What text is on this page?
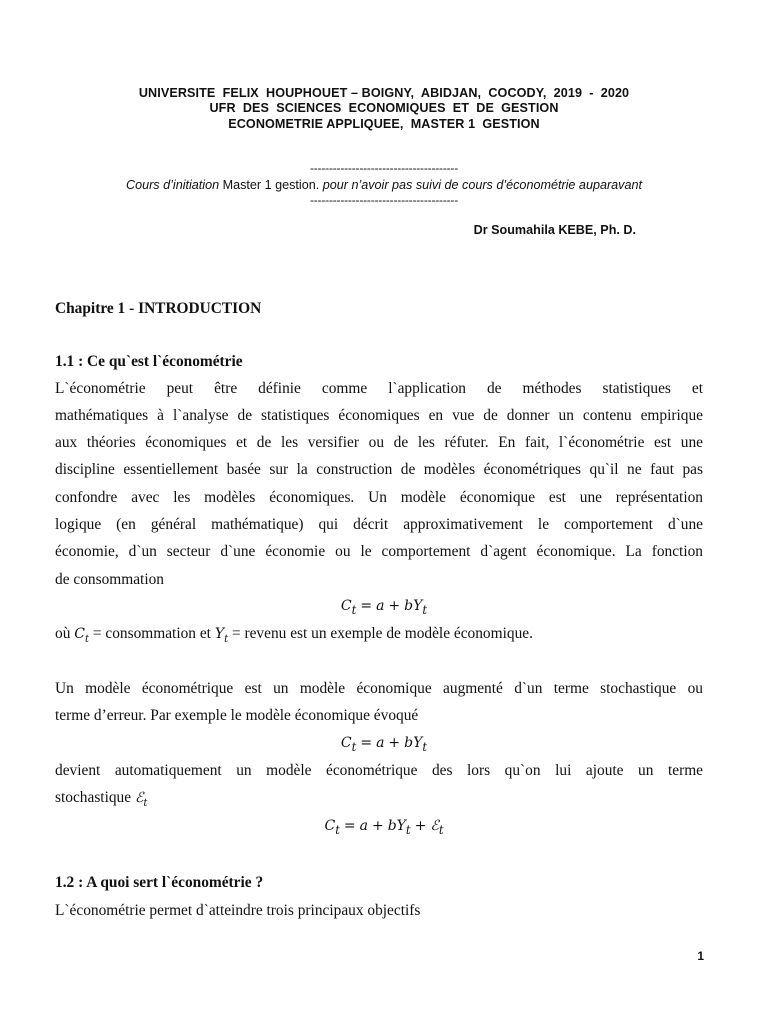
UNIVERSITE  FELIX  HOUPHOUET – BOIGNY,  ABIDJAN,  COCODY,  2019  -  2020
UFR  DES  SCIENCES  ECONOMIQUES  ET  DE  GESTION
ECONOMETRIE APPLIQUEE,  MASTER 1  GESTION
---------------------------------------
Cours d’initiation Master 1 gestion. pour n’avoir pas suivi de cours d’économétrie auparavant
---------------------------------------
Dr Soumahila KEBE, Ph. D.
Chapitre 1 - INTRODUCTION
1.1 : Ce qu`est l`économétrie
L`économétrie peut être définie comme l`application de méthodes statistiques et
mathématiques à l`analyse de statistiques économiques en vue de donner un contenu empirique
aux théories économiques et de les versifier ou de les réfuter. En fait, l`économétrie est une
discipline essentiellement basée sur la construction de modèles économétriques qu`il ne faut pas
confondre avec les modèles économiques. Un modèle économique est une représentation
logique (en général mathématique) qui décrit approximativement le comportement d`une
économie, d`un secteur d`une économie ou le comportement d`agent économique. La fonction
de consommation
$C_t = a + bY_t$
où $C_t$ = consommation et $Y_t$ = revenu est un exemple de modèle économique.
Un modèle économétrique est un modèle économique augmenté d`un terme stochastique ou
terme d’erreur. Par exemple le modèle économique évoqué
$C_t = a + bY_t$
devient automatiquement un modèle économétrique des lors qu`on lui ajoute un terme
stochastique ℰ$_t$
$C_t = a + bY_t$ + ℰ$_t$
1.2 : A quoi sert l`économétrie ?
L`économétrie permet d`atteindre trois principaux objectifs
1
